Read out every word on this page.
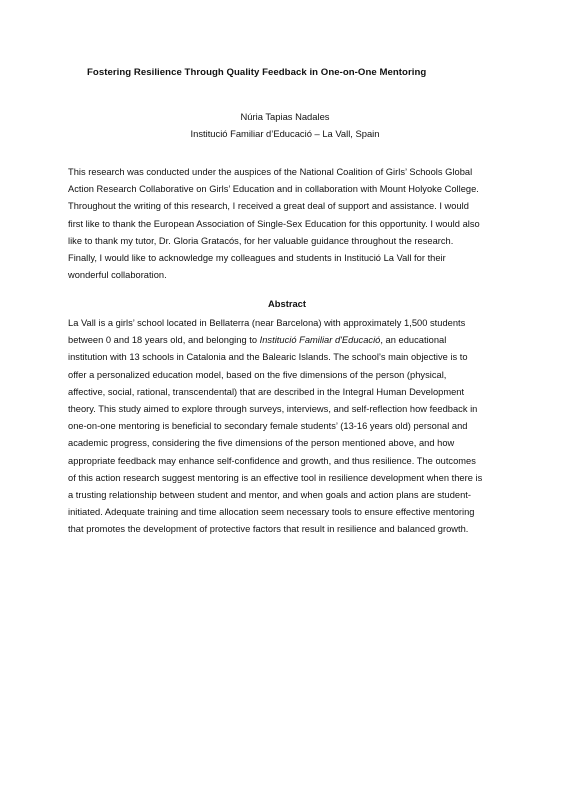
Fostering Resilience Through Quality Feedback in One-on-One Mentoring
Núria Tapias Nadales
Institució Familiar d’Educació – La Vall, Spain
This research was conducted under the auspices of the National Coalition of Girls’ Schools Global
Action Research Collaborative on Girls’ Education and in collaboration with Mount Holyoke College.
Throughout the writing of this research, I received a great deal of support and assistance. I would
first like to thank the European Association of Single-Sex Education for this opportunity. I would also
like to thank my tutor, Dr. Gloria Gratacós, for her valuable guidance throughout the research.
Finally, I would like to acknowledge my colleagues and students in Institució La Vall for their
wonderful collaboration.
Abstract
La Vall is a girls’ school located in Bellaterra (near Barcelona) with approximately 1,500 students
between 0 and 18 years old, and belonging to Institució Familiar d'Educació, an educational
institution with 13 schools in Catalonia and the Balearic Islands. The school’s main objective is to
offer a personalized education model, based on the five dimensions of the person (physical,
affective, social, rational, transcendental) that are described in the Integral Human Development
theory. This study aimed to explore through surveys, interviews, and self-reflection how feedback in
one-on-one mentoring is beneficial to secondary female students’ (13-16 years old) personal and
academic progress, considering the five dimensions of the person mentioned above, and how
appropriate feedback may enhance self-confidence and growth, and thus resilience. The outcomes
of this action research suggest mentoring is an effective tool in resilience development when there is
a trusting relationship between student and mentor, and when goals and action plans are student-
initiated. Adequate training and time allocation seem necessary tools to ensure effective mentoring
that promotes the development of protective factors that result in resilience and balanced growth.
